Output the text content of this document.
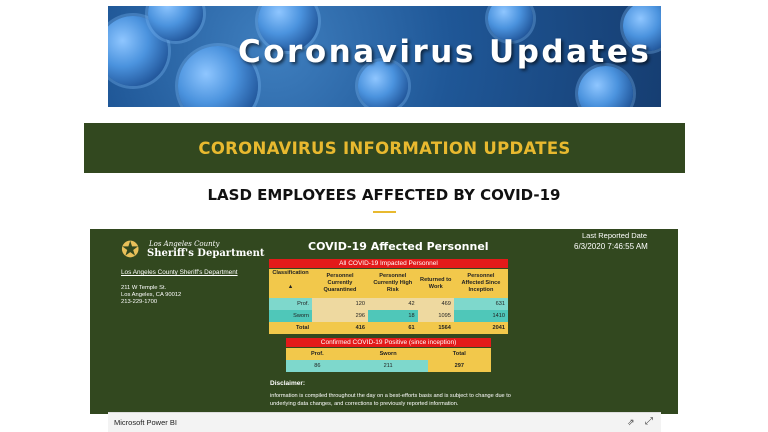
Coronavirus Updates
CORONAVIRUS INFORMATION UPDATES
LASD EMPLOYEES AFFECTED BY COVID-19
✪ Los Angeles County
Sheriff's Department
Los Angeles County Sheriff's Department
211 W Temple St.
Los Angeles, CA 90012
213-229-1700
COVID-19 Affected Personnel
Last Reported Date
6/3/2020 7:46:55 AM
All COVID-19 Impacted Personnel
Classification

▲	Personnel Currently Quarantined	Personnel Currently High Risk	Returned to Work	Personnel Affected Since Inception
Prof.	120	42	469	631
Sworn	296	18	1095	1410
Total	416	61	1564	2041
Confirmed COVID-19 Positive (since inception)
Prof.	Sworn	Total
86	211	297
Disclaimer:
information is compiled throughout the day on a best-efforts basis and is subject to change due to underlying data changes, and corrections to previously reported information.
Microsoft Power BI	⇗ ⤢
